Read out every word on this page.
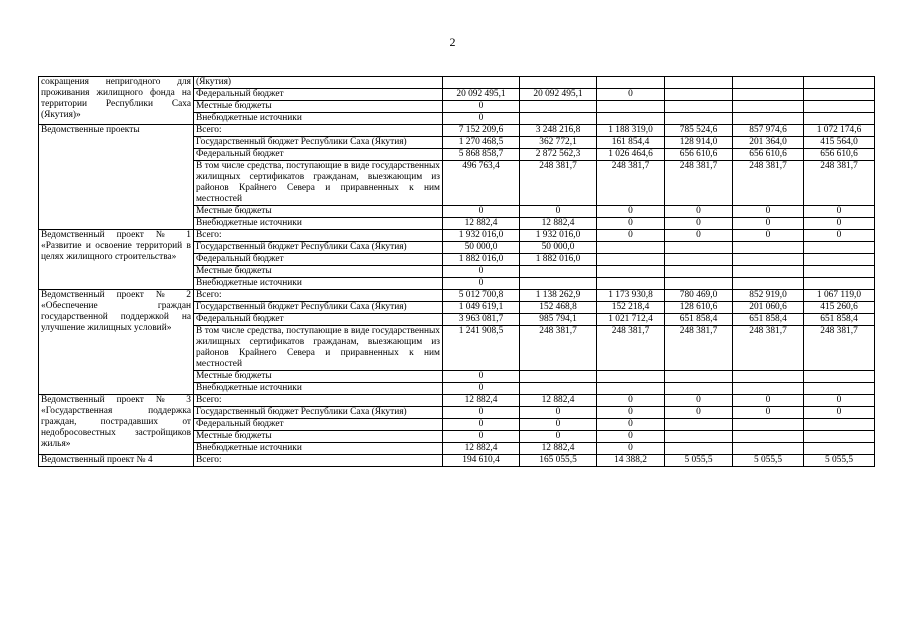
2
сокращения непригодного для проживания жилищного фонда на территории Республики Саха (Якутия)»	(Якутия)						
	Федеральный бюджет	20 092 495,1	20 092 495,1	0			
	Местные бюджеты	0					
	Внебюджетные источники	0					
Ведомственные проекты	Всего:	7 152 209,6	3 248 216,8	1 188 319,0	785 524,6	857 974,6	1 072 174,6
	Государственный бюджет Республики Саха (Якутия)	1 270 468,5	362 772,1	161 854,4	128 914,0	201 364,0	415 564,0
	Федеральный бюджет	5 868 858,7	2 872 562,3	1 026 464,6	656 610,6	656 610,6	656 610,6
	В том числе средства, поступающие в виде государственных жилищных сертификатов гражданам, выезжающим из районов Крайнего Севера и приравненных к ним местностей	496 763,4	248 381,7	248 381,7	248 381,7	248 381,7	248 381,7
	Местные бюджеты	0	0	0	0	0	0
	Внебюджетные источники	12 882,4	12 882,4	0	0	0	0
Ведомственный проект № 1 «Развитие и освоение территорий в целях жилищного строительства»	Всего:	1 932 016,0	1 932 016,0	0	0	0	0
	Государственный бюджет Республики Саха (Якутия)	50 000,0	50 000,0				
	Федеральный бюджет	1 882 016,0	1 882 016,0				
	Местные бюджеты	0					
	Внебюджетные источники	0					
Ведомственный проект № 2 «Обеспечение граждан государственной поддержкой на улучшение жилищных условий»	Всего:	5 012 700,8	1 138 262,9	1 173 930,8	780 469,0	852 919,0	1 067 119,0
	Государственный бюджет Республики Саха (Якутия)	1 049 619,1	152 468,8	152 218,4	128 610,6	201 060,6	415 260,6
	Федеральный бюджет	3 963 081,7	985 794,1	1 021 712,4	651 858,4	651 858,4	651 858,4
	В том числе средства, поступающие в виде государственных жилищных сертификатов гражданам, выезжающим из районов Крайнего Севера и приравненных к ним местностей	1 241 908,5	248 381,7	248 381,7	248 381,7	248 381,7	248 381,7
	Местные бюджеты	0					
	Внебюджетные источники	0					
Ведомственный проект № 3 «Государственная поддержка граждан, пострадавших от недобросовестных застройщиков жилья»	Всего:	12 882,4	12 882,4	0	0	0	0
	Государственный бюджет Республики Саха (Якутия)	0	0	0	0	0	0
	Федеральный бюджет	0	0	0			
	Местные бюджеты	0	0	0			
	Внебюджетные источники	12 882,4	12 882,4	0			
Ведомственный проект № 4	Всего:	194 610,4	165 055,5	14 388,2	5 055,5	5 055,5	5 055,5
